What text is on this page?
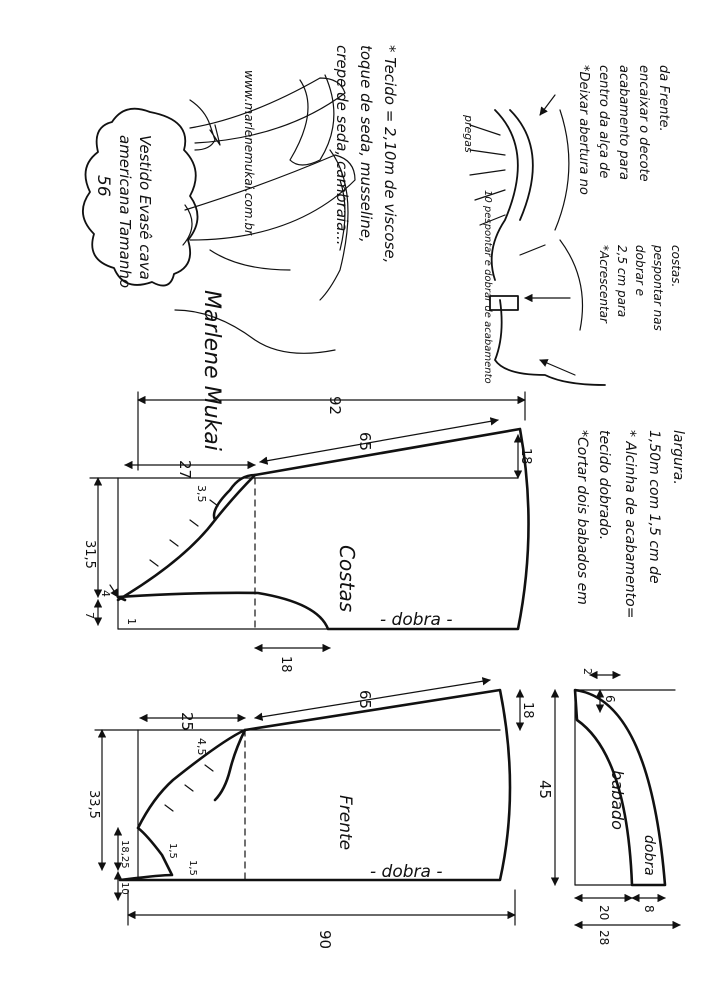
Vestido Evasê cava
americana Tamanho
56	www.marlenemukai.com.br
Marlene Mukai
* Tecido = 2,10m de viscose,
toque de seda, musseline,
crepe de seda, cambraia...	pregas
10 pespontar e dobrar de acabamento
*Deixar abertura no centro da alça de acabamento para encaixar o decote da Frente.
*Acrescentar 2,5 cm para dobrar e pespontar nas costas.
92
27
65
18
31,5
4
7
1
3,5
18
Costas
- dobra -
90
25
65
18
33,5
18,25
10
1,5
1,5
4,5
Frente
- dobra -
45
20	8
28
6
2
babado
dobra
*Cortar dois babados em tecido dobrado. * Alcinha de acabamento= 1,50m com 1,5 cm de largura.
